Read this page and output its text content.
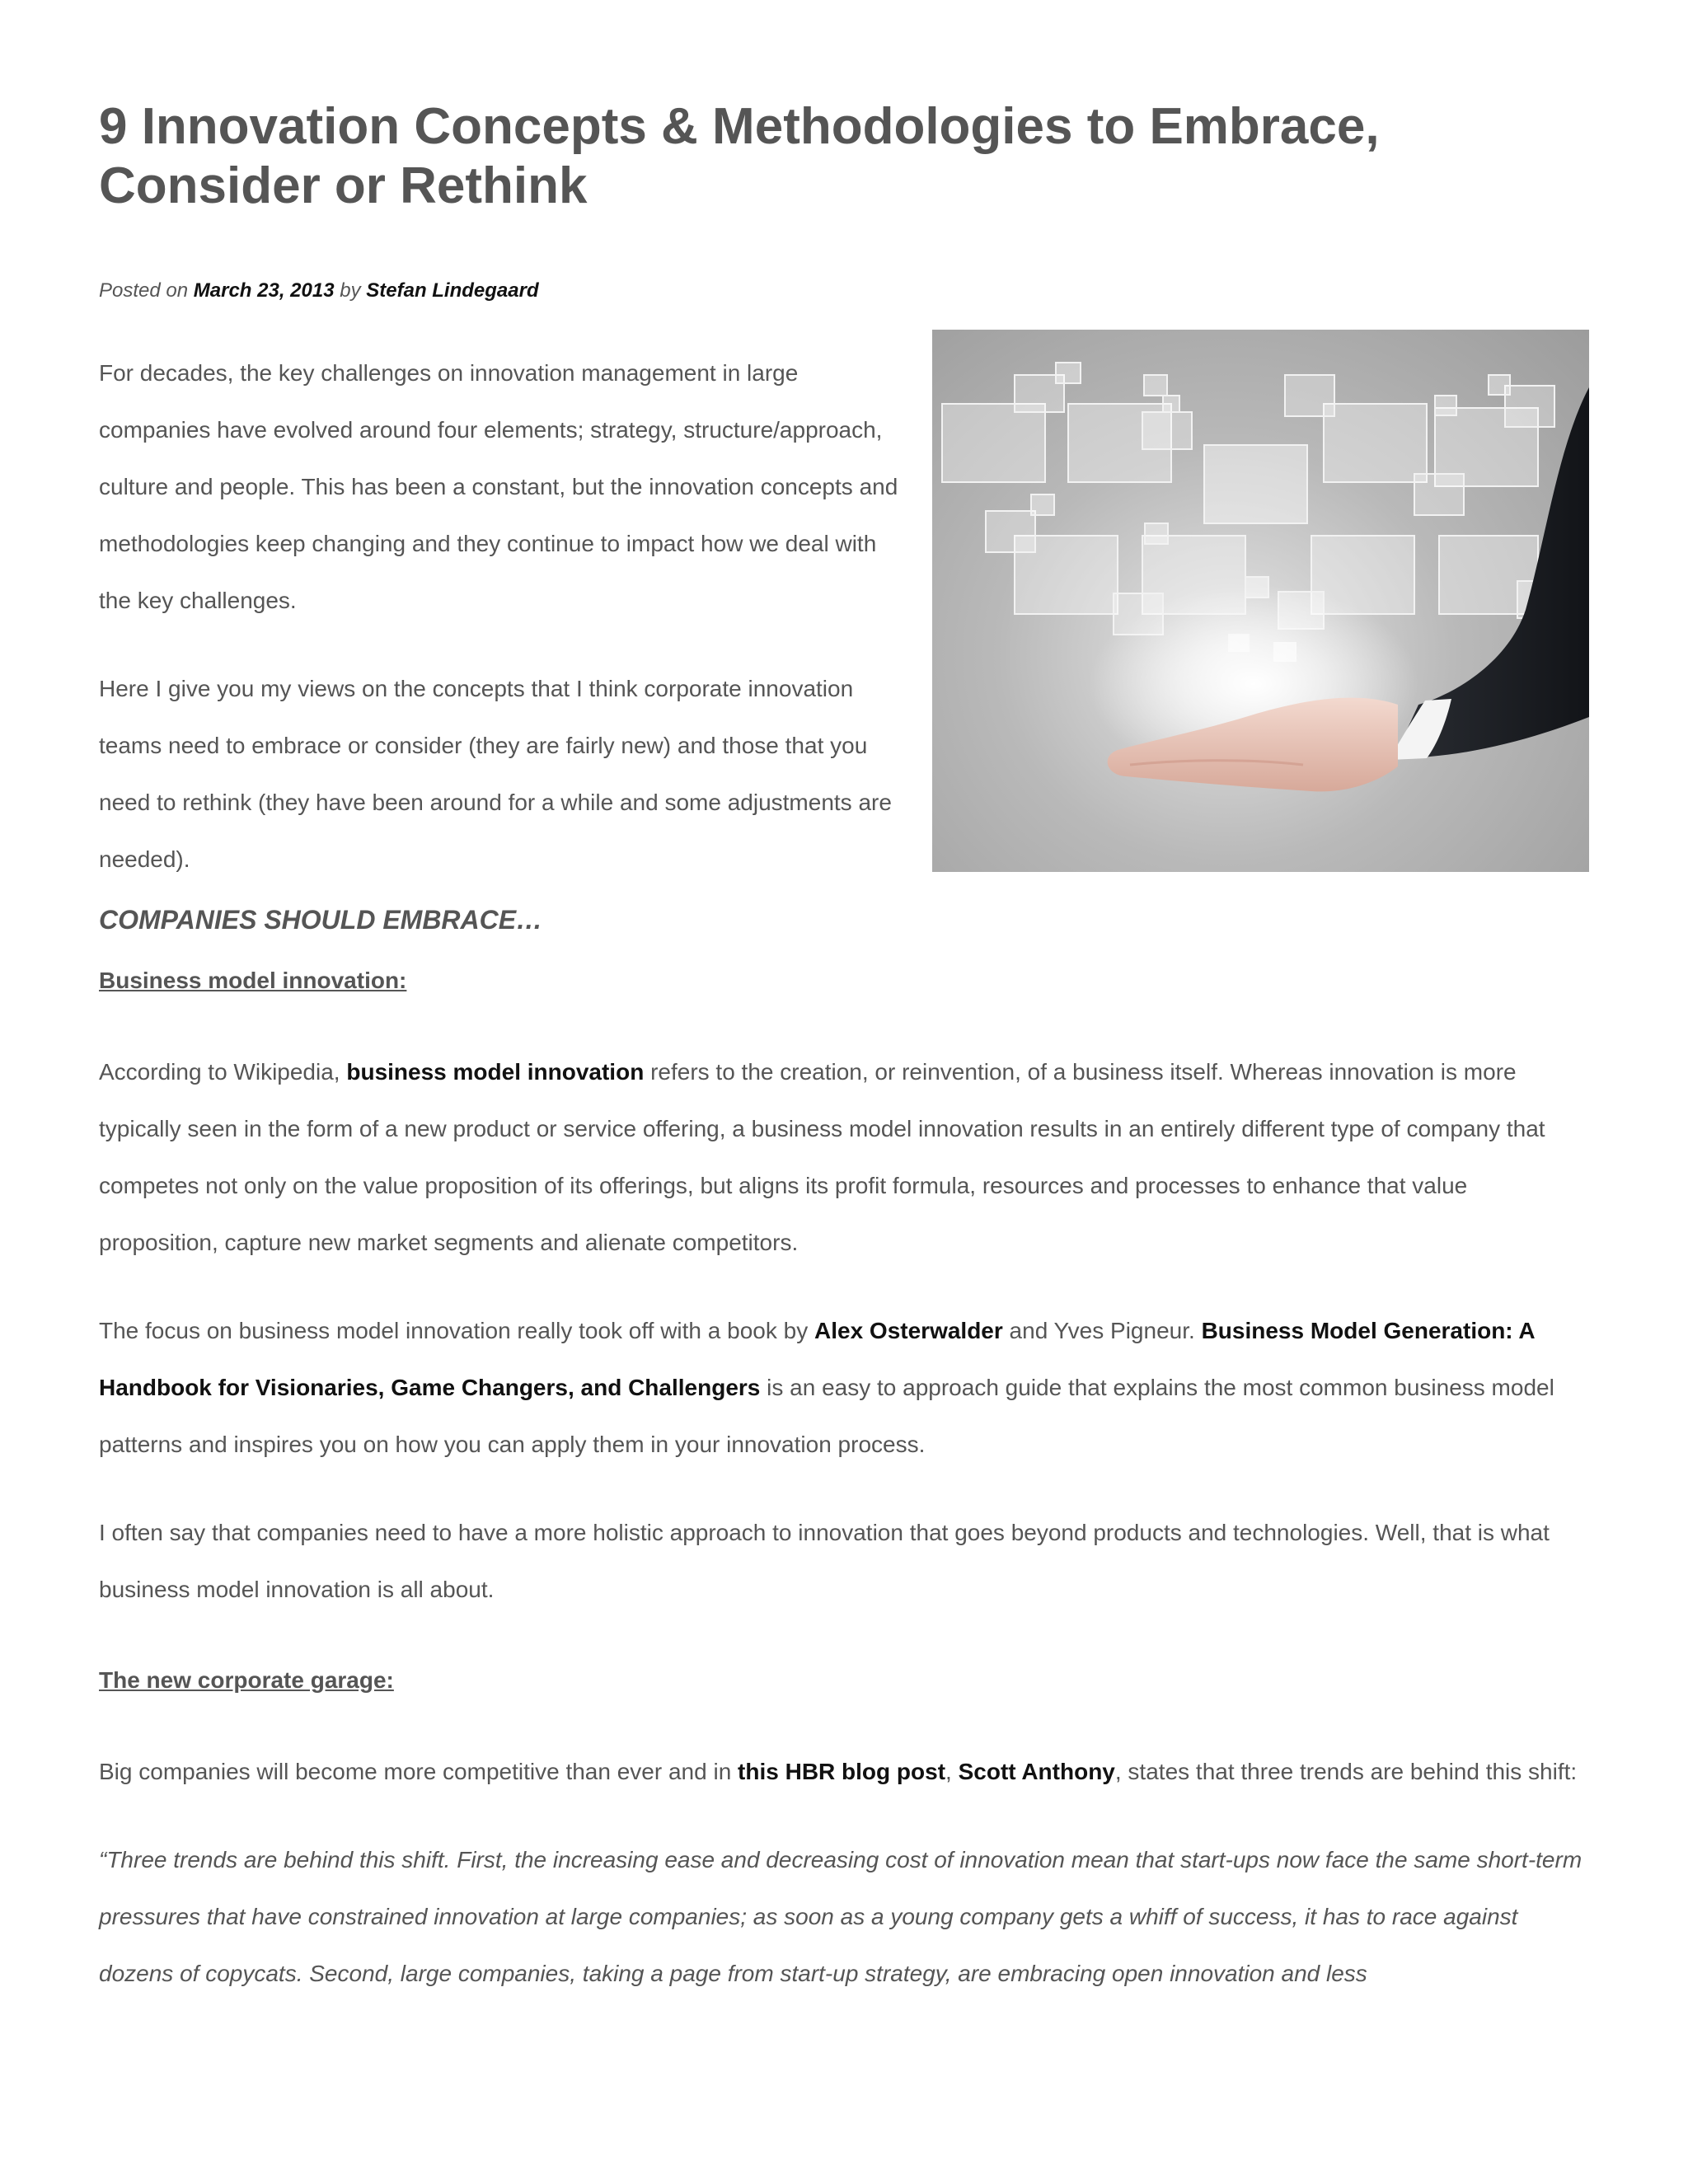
9 Innovation Concepts & Methodologies to Embrace, Consider or Rethink

Posted on March 23, 2013 by Stefan Lindegaard

For decades, the key challenges on innovation management in large companies have evolved around four elements; strategy, structure/approach, culture and people. This has been a constant, but the innovation concepts and methodologies keep changing and they continue to impact how we deal with the key challenges.

Here I give you my views on the concepts that I think corporate innovation teams need to embrace or consider (they are fairly new) and those that you need to rethink (they have been around for a while and some adjustments are needed).

COMPANIES SHOULD EMBRACE…

Business model innovation:

According to Wikipedia, business model innovation refers to the creation, or reinvention, of a business itself. Whereas innovation is more typically seen in the form of a new product or service offering, a business model innovation results in an entirely different type of company that competes not only on the value proposition of its offerings, but aligns its profit formula, resources and processes to enhance that value proposition, capture new market segments and alienate competitors.

The focus on business model innovation really took off with a book by Alex Osterwalder and Yves Pigneur. Business Model Generation: A Handbook for Visionaries, Game Changers, and Challengers is an easy to approach guide that explains the most common business model patterns and inspires you on how you can apply them in your innovation process.

I often say that companies need to have a more holistic approach to innovation that goes beyond products and technologies. Well, that is what business model innovation is all about.

The new corporate garage:

Big companies will become more competitive than ever and in this HBR blog post, Scott Anthony, states that three trends are behind this shift:

“Three trends are behind this shift. First, the increasing ease and decreasing cost of innovation mean that start-ups now face the same short-term pressures that have constrained innovation at large companies; as soon as a young company gets a whiff of success, it has to race against dozens of copycats. Second, large companies, taking a page from start-up strategy, are embracing open innovation and less
